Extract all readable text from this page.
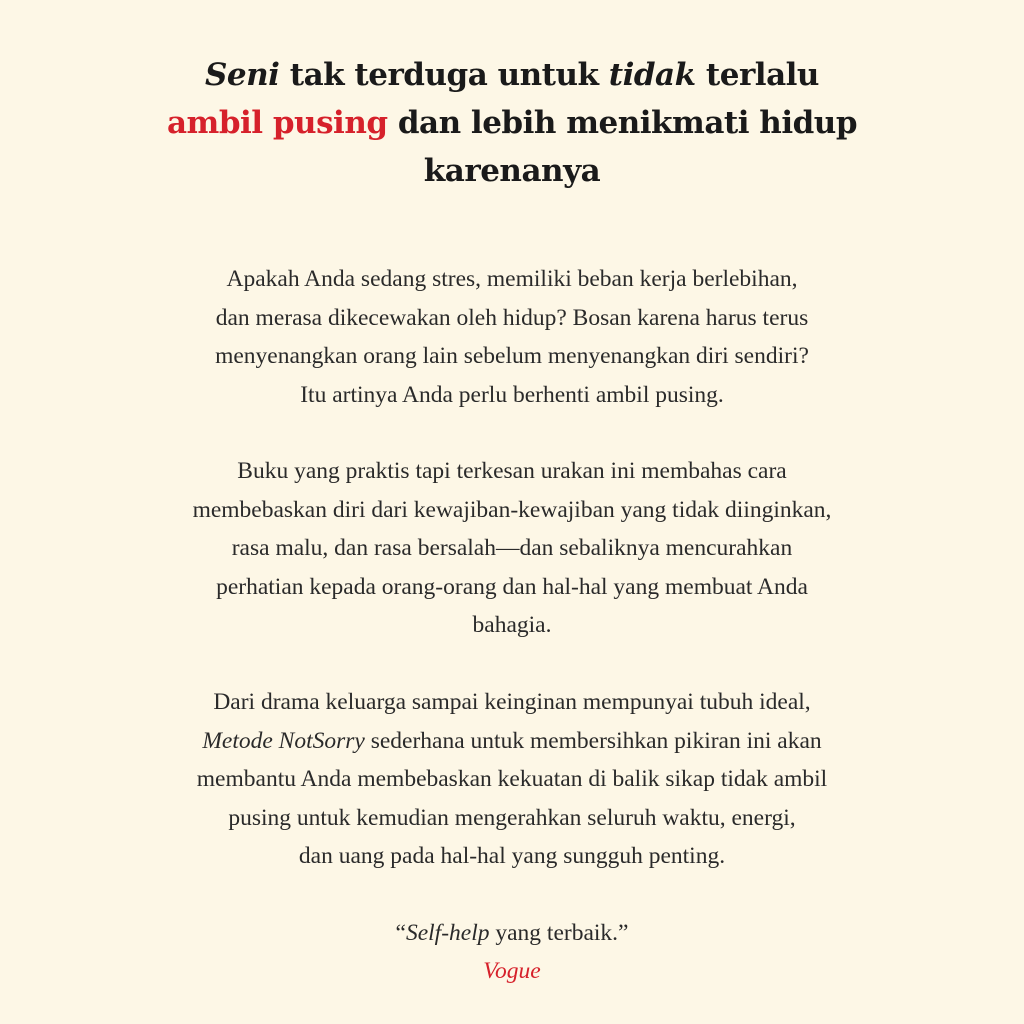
Seni tak terduga untuk tidak terlalu
ambil pusing dan lebih menikmati hidup
karenanya

Apakah Anda sedang stres, memiliki beban kerja berlebihan,
dan merasa dikecewakan oleh hidup? Bosan karena harus terus
menyenangkan orang lain sebelum menyenangkan diri sendiri?
Itu artinya Anda perlu berhenti ambil pusing.

Buku yang praktis tapi terkesan urakan ini membahas cara
membebaskan diri dari kewajiban-kewajiban yang tidak diinginkan,
rasa malu, dan rasa bersalah—dan sebaliknya mencurahkan
perhatian kepada orang-orang dan hal-hal yang membuat Anda
bahagia.

Dari drama keluarga sampai keinginan mempunyai tubuh ideal,
Metode NotSorry sederhana untuk membersihkan pikiran ini akan
membantu Anda membebaskan kekuatan di balik sikap tidak ambil
pusing untuk kemudian mengerahkan seluruh waktu, energi,
dan uang pada hal-hal yang sungguh penting.

“Self-help yang terbaik.”

Vogue
